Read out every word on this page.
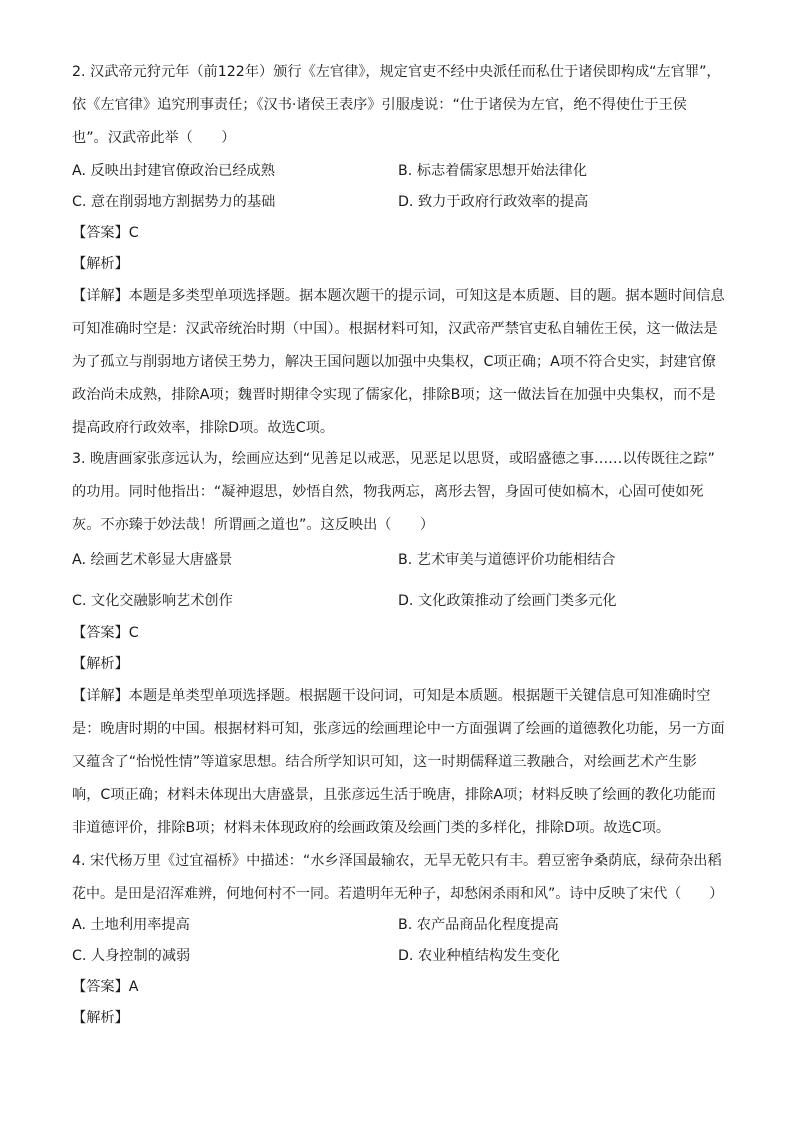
2. 汉武帝元狩元年（前122年）颁行《左官律》，规定官吏不经中央派任而私仕于诸侯即构成“左官罪”，
依《左官律》追究刑事责任；《汉书·诸侯王表序》引服虔说：“仕于诸侯为左官，绝不得使仕于王侯
也”。汉武帝此举（　　）
A. 反映出封建官僚政治已经成熟	B. 标志着儒家思想开始法律化
C. 意在削弱地方割据势力的基础	D. 致力于政府行政效率的提高
【答案】C
【解析】
【详解】本题是多类型单项选择题。据本题次题干的提示词，可知这是本质题、目的题。据本题时间信息
可知准确时空是：汉武帝统治时期（中国）。根据材料可知，汉武帝严禁官吏私自辅佐王侯，这一做法是
为了孤立与削弱地方诸侯王势力，解决王国问题以加强中央集权，C项正确；A项不符合史实，封建官僚
政治尚未成熟，排除A项；魏晋时期律令实现了儒家化，排除B项；这一做法旨在加强中央集权，而不是
提高政府行政效率，排除D项。故选C项。
3. 晚唐画家张彦远认为，绘画应达到“见善足以戒恶，见恶足以思贤，或昭盛德之事……以传既往之踪”
的功用。同时他指出：“凝神遐思，妙悟自然，物我两忘，离形去智，身固可使如槁木，心固可使如死
灰。不亦臻于妙法哉！所谓画之道也”。这反映出（　　）
A. 绘画艺术彰显大唐盛景	B. 艺术审美与道德评价功能相结合
C. 文化交融影响艺术创作	D. 文化政策推动了绘画门类多元化
【答案】C
【解析】
【详解】本题是单类型单项选择题。根据题干设问词，可知是本质题。根据题干关键信息可知准确时空
是：晚唐时期的中国。根据材料可知，张彦远的绘画理论中一方面强调了绘画的道德教化功能，另一方面
又蕴含了“怡悦性情”等道家思想。结合所学知识可知，这一时期儒释道三教融合，对绘画艺术产生影
响，C项正确；材料未体现出大唐盛景，且张彦远生活于晚唐，排除A项；材料反映了绘画的教化功能而
非道德评价，排除B项；材料未体现政府的绘画政策及绘画门类的多样化，排除D项。故选C项。
4. 宋代杨万里《过宜福桥》中描述：“水乡泽国最输农，无旱无乾只有丰。碧豆密争桑荫底，绿荷杂出稻
花中。是田是沼浑难辨，何地何村不一同。若遣明年无种子，却愁闲杀雨和风”。诗中反映了宋代（　　）
A. 土地利用率提高	B. 农产品商品化程度提高
C. 人身控制的减弱	D. 农业种植结构发生变化
【答案】A
【解析】
